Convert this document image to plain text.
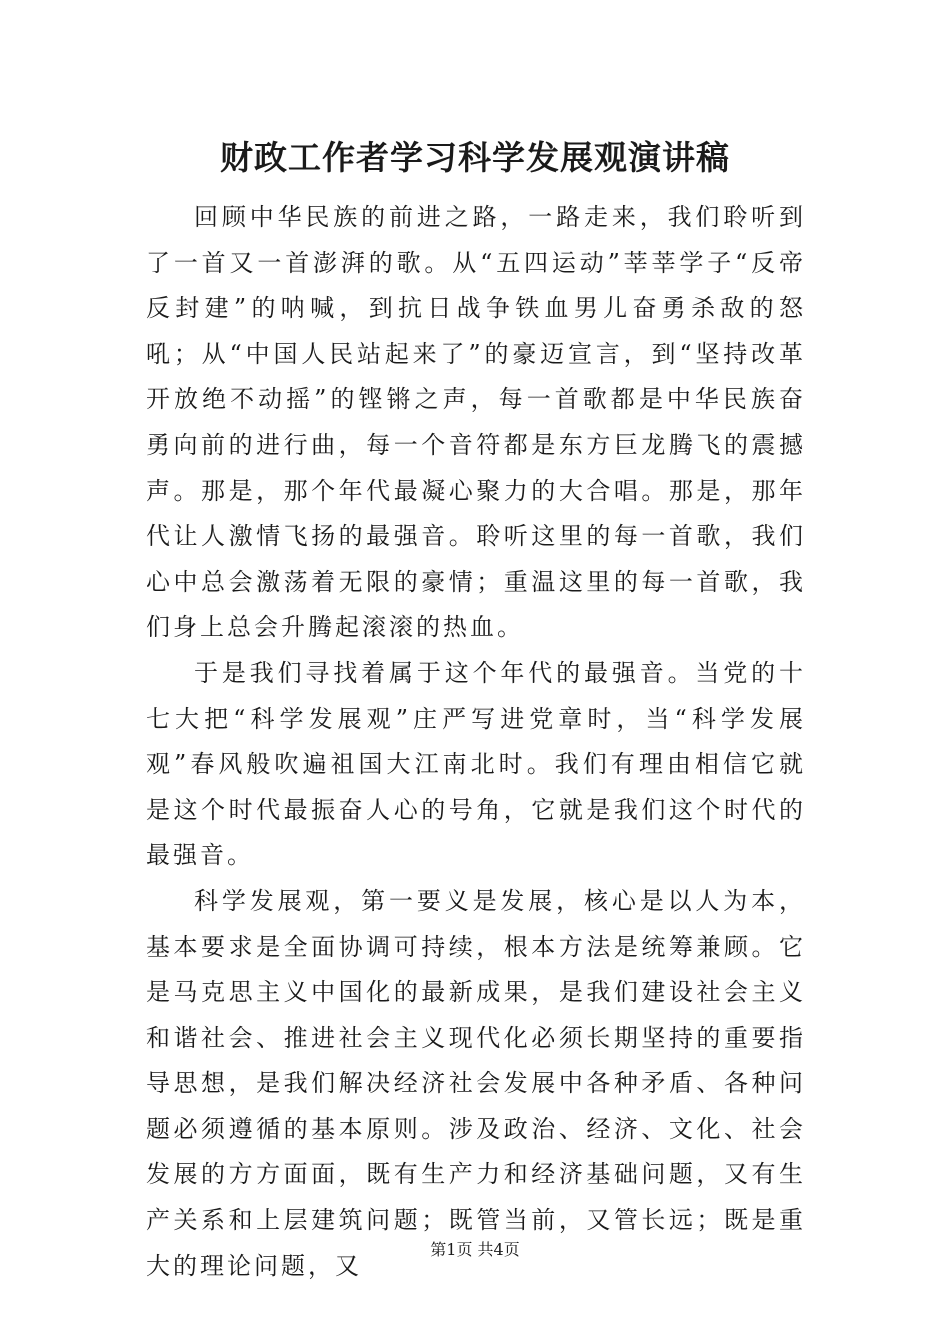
财政工作者学习科学发展观演讲稿

回顾中华民族的前进之路，一路走来，我们聆听到了一首又一首澎湃的歌。从“五四运动”莘莘学子“反帝反封建”的呐喊，到抗日战争铁血男儿奋勇杀敌的怒吼；从“中国人民站起来了”的豪迈宣言，到“坚持改革开放绝不动摇”的铿锵之声，每一首歌都是中华民族奋勇向前的进行曲，每一个音符都是东方巨龙腾飞的震撼声。那是，那个年代最凝心聚力的大合唱。那是，那年代让人激情飞扬的最强音。聆听这里的每一首歌，我们心中总会激荡着无限的豪情；重温这里的每一首歌，我们身上总会升腾起滚滚的热血。

于是我们寻找着属于这个年代的最强音。当党的十七大把“科学发展观”庄严写进党章时，当“科学发展观”春风般吹遍祖国大江南北时。我们有理由相信它就是这个时代最振奋人心的号角，它就是我们这个时代的最强音。

科学发展观，第一要义是发展，核心是以人为本，基本要求是全面协调可持续，根本方法是统筹兼顾。它是马克思主义中国化的最新成果，是我们建设社会主义和谐社会、推进社会主义现代化必须长期坚持的重要指导思想，是我们解决经济社会发展中各种矛盾、各种问题必须遵循的基本原则。涉及政治、经济、文化、社会发展的方方面面，既有生产力和经济基础问题，又有生产关系和上层建筑问题；既管当前，又管长远；既是重大的理论问题，又

第1页 共4页
